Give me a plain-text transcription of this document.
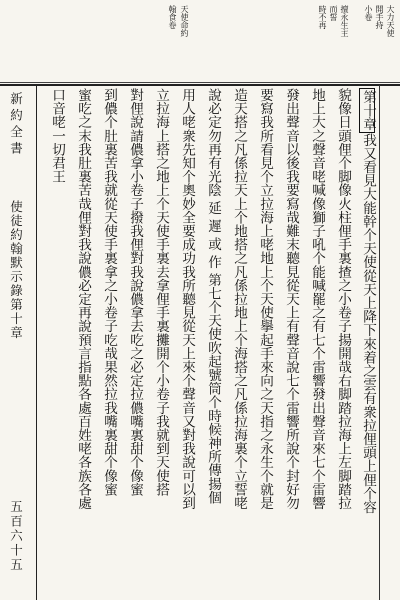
大力天使
開手持
小卷
擅永生主
而誓
時不再
天使命約
翰食卷
新約全書
使徒約翰默示錄第十章
五百六十五
第十章我又看見大能幹个天使從天上降下來着之雲有衆拉俚頭上俚个容
貌像日頭俚个脚像火柱俚手裏揸之小卷子揚開哉右脚踏拉海上左脚踏拉
地上大之聲音咾喊像獅子吼个能喊罷之有七个雷響發出聲音來七个雷響
發出聲音以後我要寫哉難末聽見從天上有聲音說七个雷響所說个封好勿
要寫我所看見个立拉海上咾地上个天使擧起手來向之天指之永生个就是
造天搭之凡係拉天上个地搭之凡係拉地上个海搭之凡係拉海裏个立誓咾
說必定勿再有光陰 延 遲 或 作 第七个天使吹起號筒个時候神所傳揚個
用人咾衆先知个奧妙全要成功我所聽見從天上來个聲音又對我說可以到
立拉海上搭之地上个天使手裏去拿俚手裏攤開个小卷子我就到天使搭
對俚說請儂拿小卷子撥我俚對我說儂拿去吃之必定拉儂嘴裏甜个像蜜
到儂个肚裏苦我就從天使手裏拿之小卷子吃哉果然拉我嘴裏甜个像蜜
蜜吃之末我肚裏苦哉俚對我說儂必定再說預言指點各處百姓咾各族各處
口音咾一切君王
